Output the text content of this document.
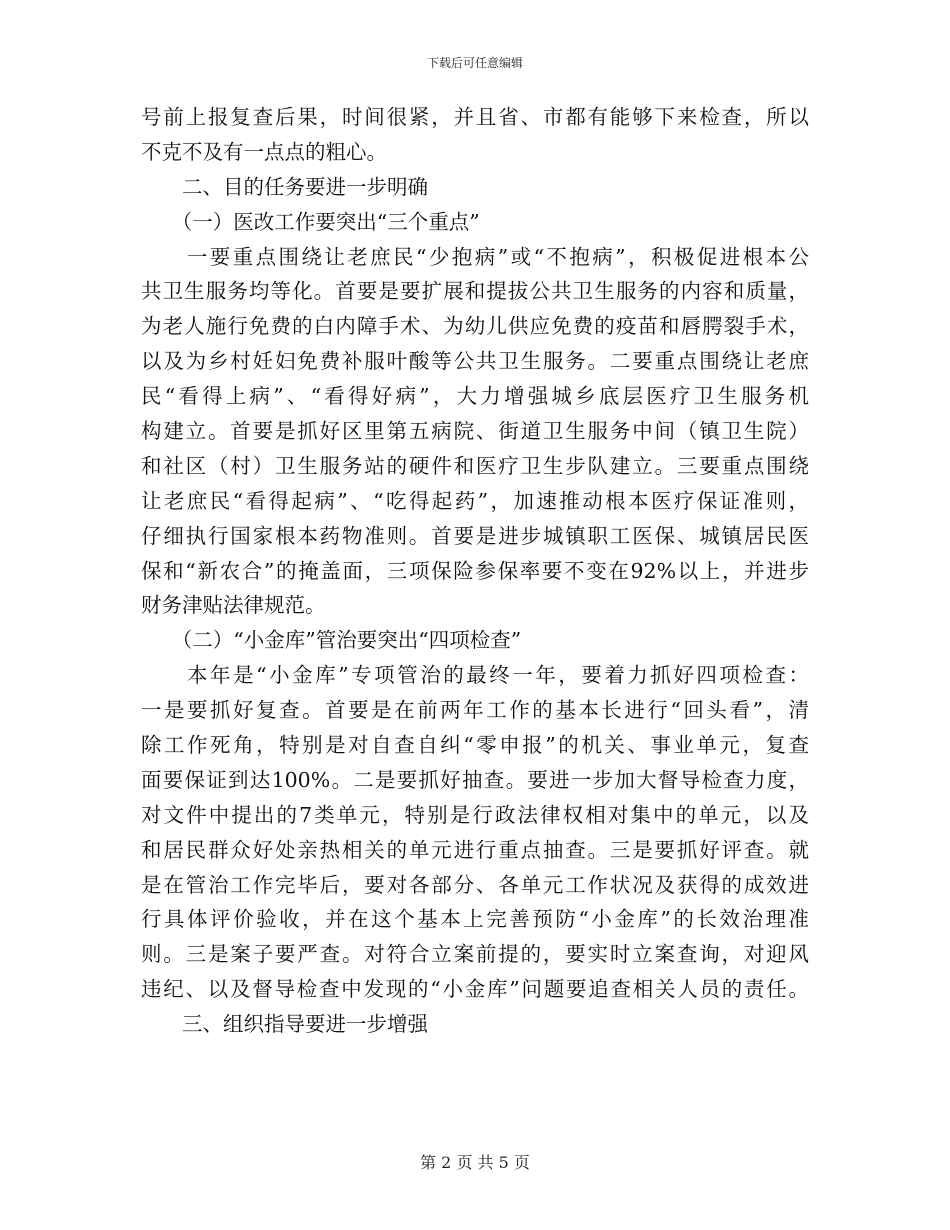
下载后可任意编辑
号前上报复查后果，时间很紧，并且省、市都有能够下来检查，所以
不克不及有一点点的粗心。
　　二、目的任务要进一步明确
　　（一）医改工作要突出“三个重点”
　　一要重点围绕让老庶民“少抱病”或“不抱病”，积极促进根本公
共卫生服务均等化。首要是要扩展和提拔公共卫生服务的内容和质量，
为老人施行免费的白内障手术、为幼儿供应免费的疫苗和唇腭裂手术，
以及为乡村妊妇免费补服叶酸等公共卫生服务。二要重点围绕让老庶
民“看得上病”、“看得好病”，大力增强城乡底层医疗卫生服务机
构建立。首要是抓好区里第五病院、街道卫生服务中间（镇卫生院）
和社区（村）卫生服务站的硬件和医疗卫生步队建立。三要重点围绕
让老庶民“看得起病”、“吃得起药”，加速推动根本医疗保证准则，
仔细执行国家根本药物准则。首要是进步城镇职工医保、城镇居民医
保和“新农合”的掩盖面，三项保险参保率要不变在92%以上，并进步
财务津贴法律规范。
　　（二）“小金库”管治要突出“四项检查”
　　本年是“小金库”专项管治的最终一年，要着力抓好四项检查：
一是要抓好复查。首要是在前两年工作的基本长进行“回头看”，清
除工作死角，特别是对自查自纠“零申报”的机关、事业单元，复查
面要保证到达100%。二是要抓好抽查。要进一步加大督导检查力度，
对文件中提出的7类单元，特别是行政法律权相对集中的单元，以及
和居民群众好处亲热相关的单元进行重点抽查。三是要抓好评查。就
是在管治工作完毕后，要对各部分、各单元工作状况及获得的成效进
行具体评价验收，并在这个基本上完善预防“小金库”的长效治理准
则。三是案子要严查。对符合立案前提的，要实时立案查询，对迎风
违纪、以及督导检查中发现的“小金库”问题要追查相关人员的责任。
　　三、组织指导要进一步增强
第 2 页 共 5 页
